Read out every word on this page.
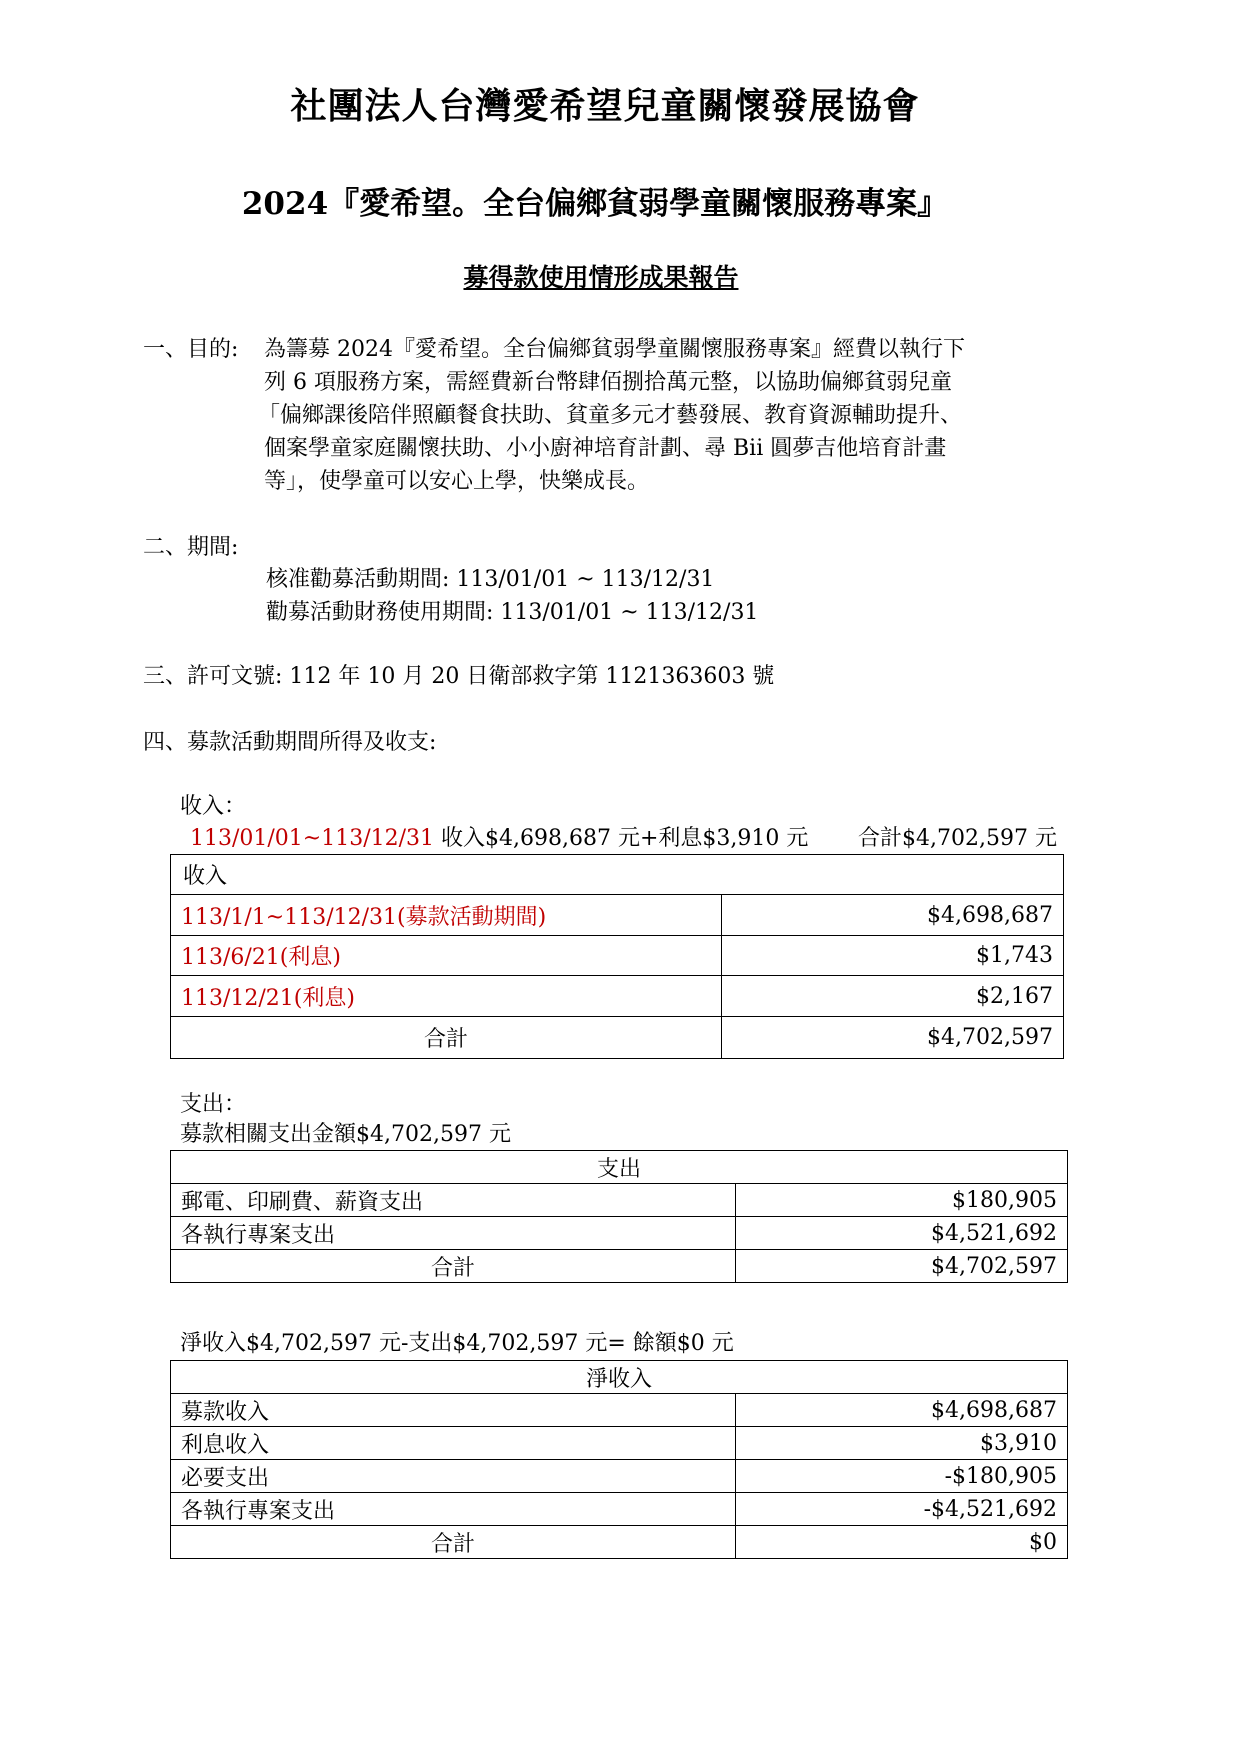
社團法人台灣愛希望兒童關懷發展協會
2024『愛希望。全台偏鄉貧弱學童關懷服務專案』
募得款使用情形成果報告
一、目的: 為籌募 2024『愛希望。全台偏鄉貧弱學童關懷服務專案』經費以執行下
列 6 項服務方案，需經費新台幣肆佰捌拾萬元整，以協助偏鄉貧弱兒童
「偏鄉課後陪伴照顧餐食扶助、貧童多元才藝發展、教育資源輔助提升、
個案學童家庭關懷扶助、小小廚神培育計劃、尋 Bii 圓夢吉他培育計畫
等」，使學童可以安心上學，快樂成長。
二、期間:
核准勸募活動期間: 113/01/01 ~ 113/12/31
勸募活動財務使用期間: 113/01/01 ~ 113/12/31
三、許可文號: 112 年 10 月 20 日衛部救字第 1121363603 號
四、募款活動期間所得及收支:
收入：
113/01/01~113/12/31 收入$4,698,687 元+利息$3,910 元 合計$4,702,597 元
收入	
113/1/1~113/12/31(募款活動期間)	$4,698,687
113/6/21(利息)	$1,743
113/12/21(利息)	$2,167
合計	$4,702,597
支出：
募款相關支出金額$4,702,597 元
支出	
郵電、印刷費、薪資支出	$180,905
各執行專案支出	$4,521,692
合計	$4,702,597
淨收入$4,702,597 元-支出$4,702,597 元= 餘額$0 元
淨收入	
募款收入	$4,698,687
利息收入	$3,910
必要支出	-$180,905
各執行專案支出	-$4,521,692
合計	$0
